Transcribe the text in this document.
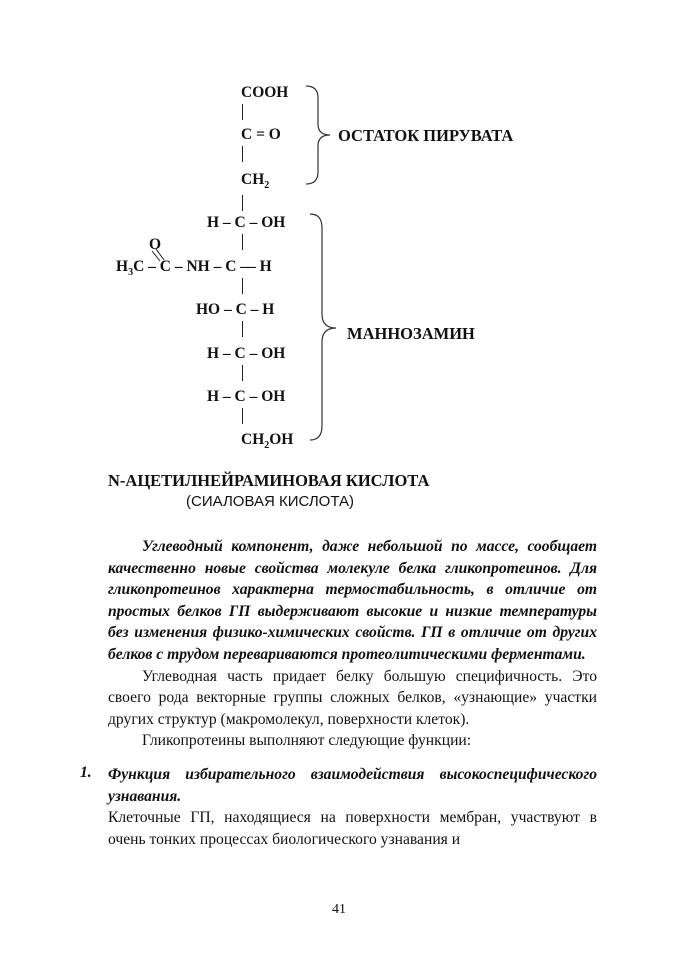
COOH
C = O
$CH_2$
H – C – OH
O
$H_3C$ – C – NH – C — H
HO – C – H
H – C – OH
H – C – OH
$CH_2OH$
ОСТАТОК ПИРУВАТА
МАННОЗАМИН
N-АЦЕТИЛНЕЙРАМИНОВАЯ КИСЛОТА
(СИАЛОВАЯ КИСЛОТА)

Углеводный компонент, даже небольшой по массе, сообщает качественно новые свойства молекуле белка гликопротеинов. Для гликопротеинов характерна термостабильность, в отличие от простых белков ГП выдерживают высокие и низкие температуры без изменения физико-химических свойств. ГП в отличие от других белков с трудом перевариваются протеолитическими ферментами.

Углеводная часть придает белку большую специфичность. Это своего рода векторные группы сложных белков, «узнающие» участки других структур (макромолекул, поверхности клеток).

Гликопротеины выполняют следующие функции:

1. Функция избирательного взаимодействия высокоспецифического узнавания.

Клеточные ГП, находящиеся на поверхности мембран, участвуют в очень тонких процессах биологического узнавания и

41
